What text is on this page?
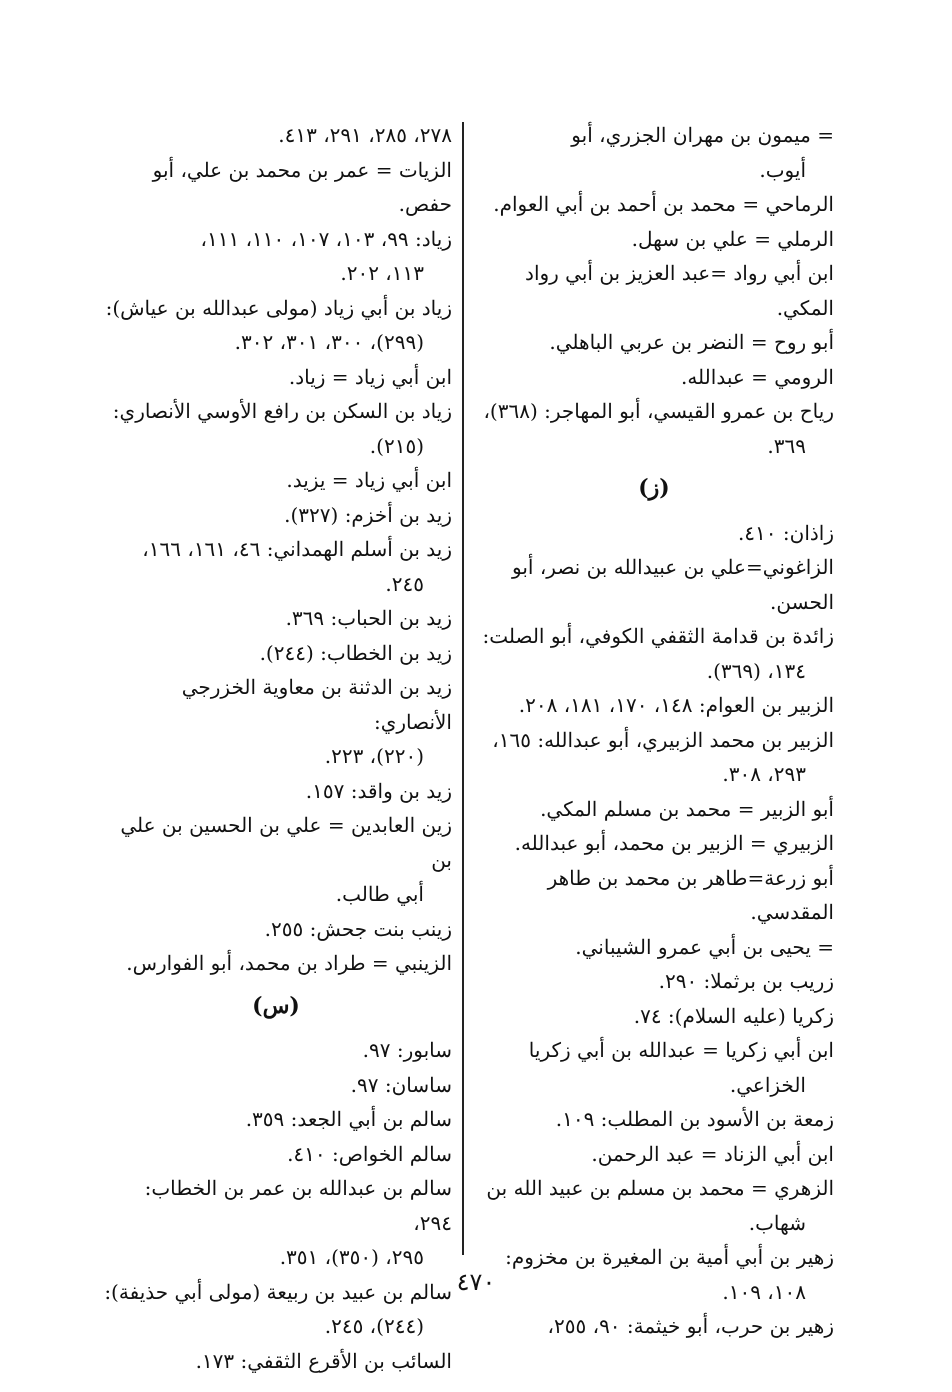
= ميمون بن مهران الجزري، أبو
أيوب.
الرماحي = محمد بن أحمد بن أبي العوام.
الرملي = علي بن سهل.
ابن أبي رواد =عبد العزيز بن أبي رواد المكي.
أبو روح = النضر بن عربي الباهلي.
الرومي = عبدالله.
رياح بن عمرو القيسي، أبو المهاجر: (٣٦٨)،
٣٦٩.
(ز)
زاذان: ٤١٠.
الزاغوني=علي بن عبيدالله بن نصر، أبو الحسن.
زائدة بن قدامة الثقفي الكوفي، أبو الصلت:
١٣٤، (٣٦٩).
الزبير بن العوام: ١٤٨، ١٧٠، ١٨١، ٢٠٨.
الزبير بن محمد الزبيري، أبو عبدالله: ١٦٥،
٢٩٣، ٣٠٨.
أبو الزبير = محمد بن مسلم المكي.
الزبيري = الزبير بن محمد، أبو عبدالله.
أبو زرعة=طاهر بن محمد بن طاهر المقدسي.
= يحيى بن أبي عمرو الشيباني.
زريب بن برثملا: ٢٩٠.
زكريا (عليه السلام): ٧٤.
ابن أبي زكريا = عبدالله بن أبي زكريا
الخزاعي.
زمعة بن الأسود بن المطلب: ١٠٩.
ابن أبي الزناد = عبد الرحمن.
الزهري = محمد بن مسلم بن عبيد الله بن
شهاب.
زهير بن أبي أمية بن المغيرة بن مخزوم:
١٠٨، ١٠٩.
زهير بن حرب، أبو خيثمة: ٩٠، ٢٥٥،
٢٧٨، ٢٨٥، ٢٩١، ٤١٣.
الزيات = عمر بن محمد بن علي، أبو حفص.
زياد: ٩٩، ١٠٣، ١٠٧، ١١٠، ١١١،
١١٣، ٢٠٢.
زياد بن أبي زياد (مولى عبدالله بن عياش):
(٢٩٩)، ٣٠٠، ٣٠١، ٣٠٢.
ابن أبي زياد = زياد.
زياد بن السكن بن رافع الأوسي الأنصاري:
(٢١٥).
ابن أبي زياد = يزيد.
زيد بن أخزم: (٣٢٧).
زيد بن أسلم الهمداني: ٤٦، ١٦١، ١٦٦،
٢٤٥.
زيد بن الحباب: ٣٦٩.
زيد بن الخطاب: (٢٤٤).
زيد بن الدثنة بن معاوية الخزرجي الأنصاري:
(٢٢٠)، ٢٢٣.
زيد بن واقد: ١٥٧.
زين العابدين = علي بن الحسين بن علي بن
أبي طالب.
زينب بنت جحش: ٢٥٥.
الزينبي = طراد بن محمد، أبو الفوارس.
(س)
سابور: ٩٧.
ساسان: ٩٧.
سالم بن أبي الجعد: ٣٥٩.
سالم الخواص: ٤١٠.
سالم بن عبدالله بن عمر بن الخطاب: ٢٩٤،
٢٩٥، (٣٥٠)، ٣٥١.
سالم بن عبيد بن ربيعة (مولى أبي حذيفة):
(٢٤٤)، ٢٤٥.
السائب بن الأقرع الثقفي: ١٧٣.
٤٧٠
